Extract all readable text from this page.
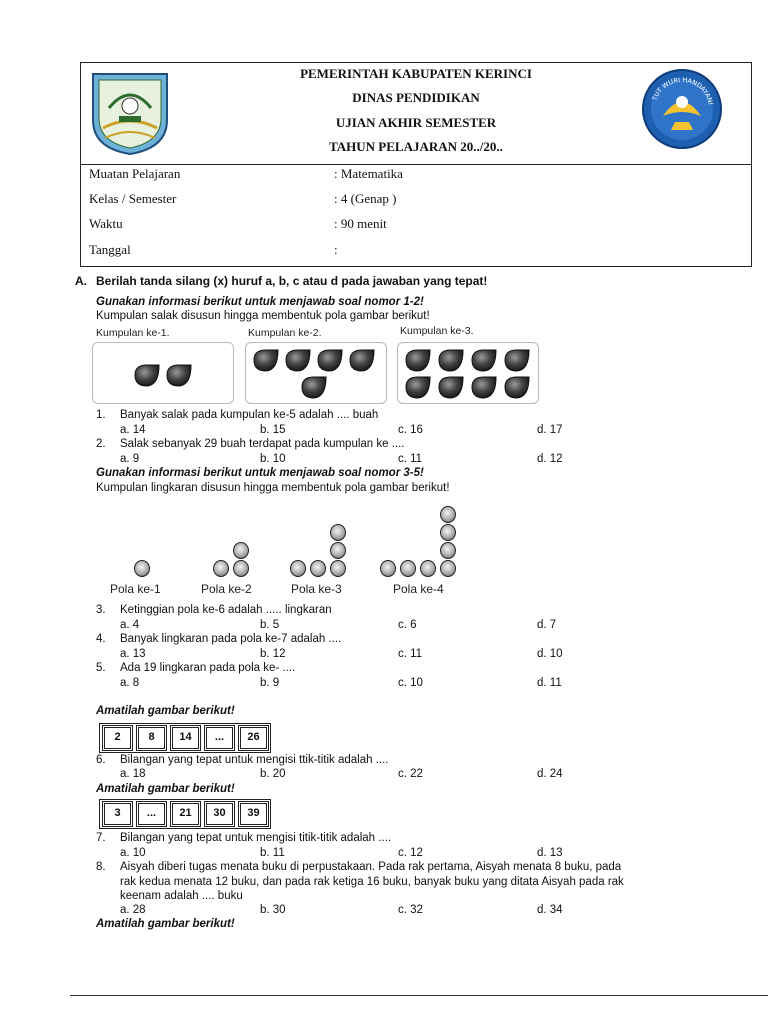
PEMERINTAH KABUPATEN KERINCI
DINAS PENDIDIKAN
UJIAN AKHIR SEMESTER
TAHUN PELAJARAN 20../20..
TUT WURI HANDAYANI
Muatan Pelajaran	: Matematika
Kelas / Semester	: 4 (Genap )
Waktu	: 90 menit
Tanggal	:
A. Berilah tanda silang (x) huruf a, b, c atau d pada jawaban yang tepat!
Gunakan informasi berikut untuk menjawab soal nomor 1-2!
Kumpulan salak disusun hingga membentuk pola gambar berikut!
Kumpulan ke-1.	Kumpulan ke-2.	Kumpulan ke-3.
1. Banyak salak pada kumpulan ke-5 adalah .... buah
a. 14	b. 15	c. 16	d. 17
2. Salak sebanyak 29 buah terdapat pada kumpulan ke ....
a. 9	b. 10	c. 11	d. 12
Gunakan informasi berikut untuk menjawab soal nomor 3-5!
Kumpulan lingkaran disusun hingga membentuk pola gambar berikut!
Pola ke-1	Pola ke-2	Pola ke-3	Pola ke-4
3. Ketinggian pola ke-6 adalah ..... lingkaran
a. 4	b. 5	c. 6	d. 7
4. Banyak lingkaran pada pola ke-7 adalah ....
a. 13	b. 12	c. 11	d. 10
5. Ada 19 lingkaran pada pola ke- ....
a. 8	b. 9	c. 10	d. 11
Amatilah gambar berikut!
2	8	14	...	26
6. Bilangan yang tepat untuk mengisi ttik-titik adalah ....
a. 18	b. 20	c. 22	d. 24
Amatilah gambar berikut!
3	...	21	30	39
7. Bilangan yang tepat untuk mengisi titik-titik adalah ....
a. 10	b. 11	c. 12	d. 13
8. Aisyah diberi tugas menata buku di perpustakaan. Pada rak pertama, Aisyah menata 8 buku, pada
rak kedua menata 12 buku, dan pada rak ketiga 16 buku, banyak buku yang ditata Aisyah pada rak
keenam adalah .... buku
a. 28	b. 30	c. 32	d. 34
Amatilah gambar berikut!
